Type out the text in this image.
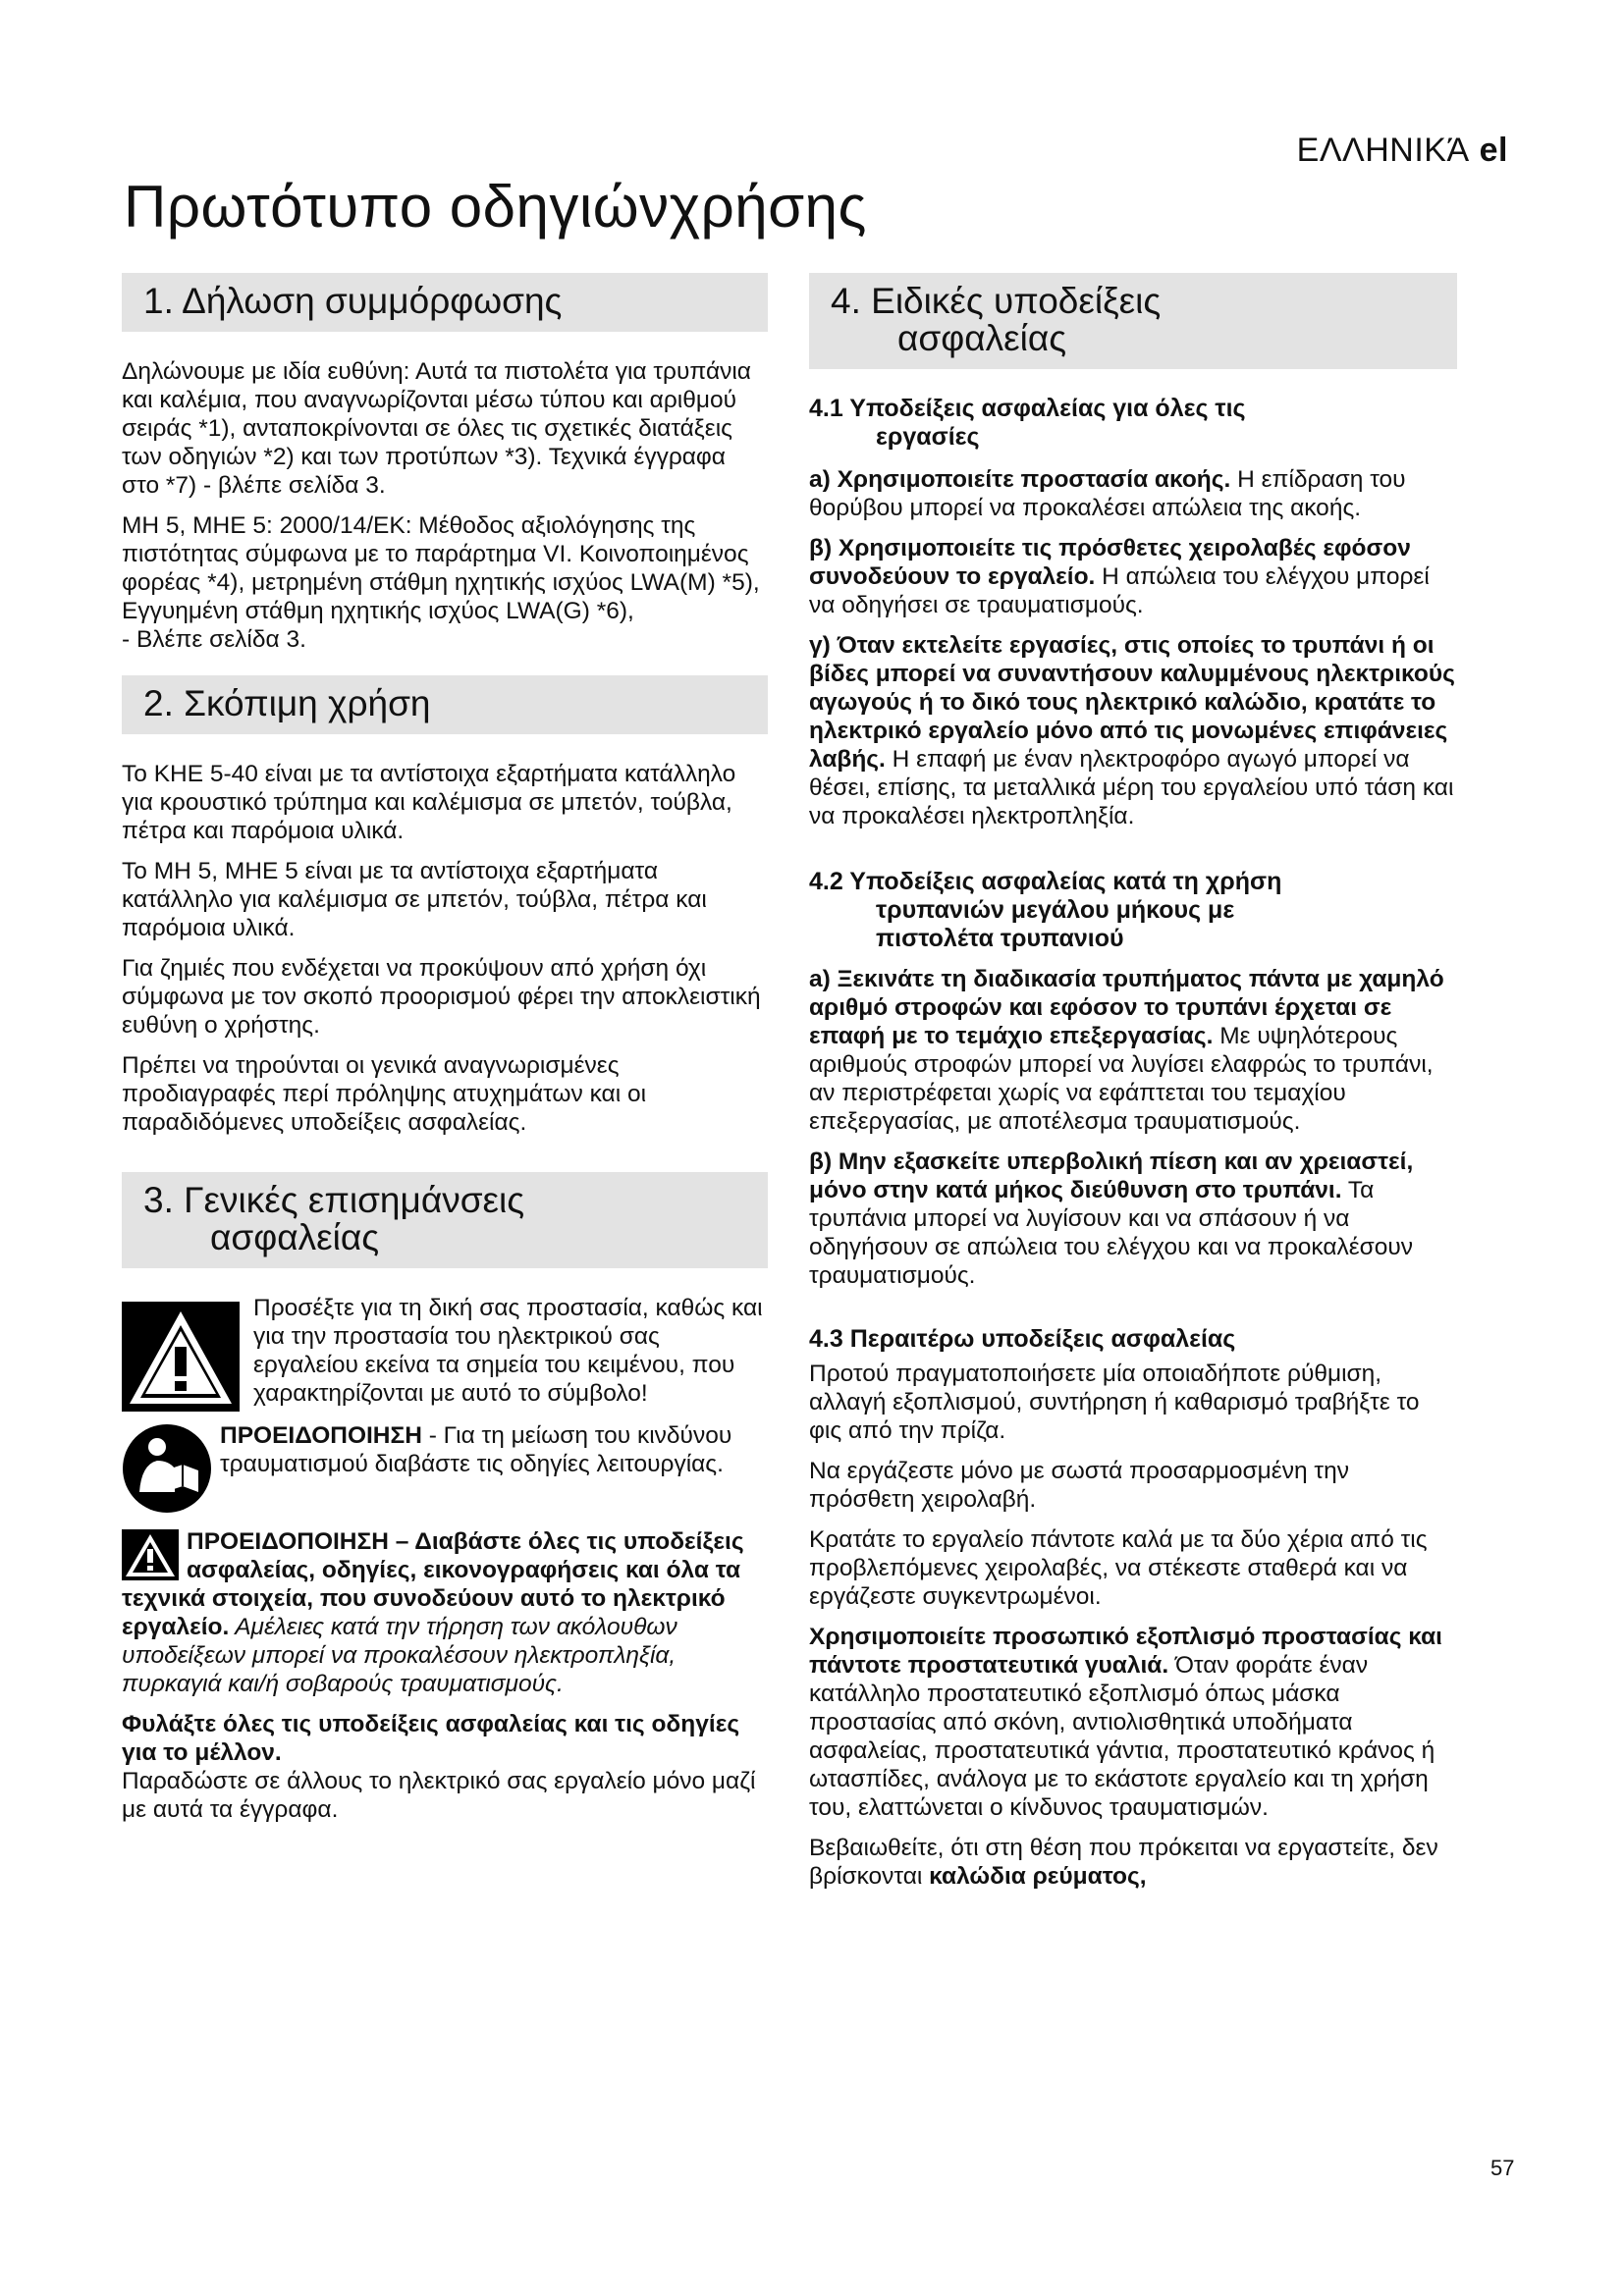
ΕΛΛΗΝΙΚΆ el
Πρωτότυπο οδηγιώνχρήσης
1. Δήλωση συμμόρφωσης

Δηλώνουμε με ιδία ευθύνη: Αυτά τα πιστολέτα για τρυπάνια και καλέμια, που αναγνωρίζονται μέσω τύπου και αριθμού σειράς *1), ανταποκρίνονται σε όλες τις σχετικές διατάξεις των οδηγιών *2) και των προτύπων *3). Τεχνικά έγγραφα στο *7) - βλέπε σελίδα 3.

ΜΗ 5, ΜΗΕ 5: 2000/14/ΕΚ: Μέθοδος αξιολόγησης της πιστότητας σύμφωνα με το παράρτημα VI. Κοινοποιημένος φορέας *4), μετρημένη στάθμη ηχητικής ισχύος LWA(M) *5), Εγγυημένη στάθμη ηχητικής ισχύος LWA(G) *6),

- Βλέπε σελίδα 3.

2. Σκόπιμη χρήση

Το KHE 5-40 είναι με τα αντίστοιχα εξαρτήματα κατάλληλο για κρουστικό τρύπημα και καλέμισμα σε μπετόν, τούβλα, πέτρα και παρόμοια υλικά.

Το ΜΗ 5, ΜΗΕ 5 είναι με τα αντίστοιχα εξαρτήματα κατάλληλο για καλέμισμα σε μπετόν, τούβλα, πέτρα και παρόμοια υλικά.

Για ζημιές που ενδέχεται να προκύψουν από χρήση όχι σύμφωνα με τον σκοπό προορισμού φέρει την αποκλειστική ευθύνη ο χρήστης.

Πρέπει να τηρούνται οι γενικά αναγνωρισμένες προδιαγραφές περί πρόληψης ατυχημάτων και οι παραδιδόμενες υποδείξεις ασφαλείας.

3. Γενικές επισημάνσεις
ασφαλείας

Προσέξτε για τη δική σας προστασία, καθώς και για την προστασία του ηλεκτρικού σας εργαλείου εκείνα τα σημεία του κειμένου, που χαρακτηρίζονται με αυτό το σύμβολο!

ΠΡΟΕΙΔΟΠΟΙΗΣΗ - Για τη μείωση του κινδύνου τραυματισμού διαβάστε τις οδηγίες λειτουργίας.

ΠΡΟΕΙΔΟΠΟΙΗΣΗ – Διαβάστε όλες τις υποδείξεις ασφαλείας, οδηγίες, εικονογραφήσεις και όλα τα τεχνικά στοιχεία, που συνοδεύουν αυτό το ηλεκτρικό εργαλείο. Αμέλειες κατά την τήρηση των ακόλουθων υποδείξεων μπορεί να προκαλέσουν ηλεκτροπληξία, πυρκαγιά και/ή σοβαρούς τραυματισμούς.

Φυλάξτε όλες τις υποδείξεις ασφαλείας και τις οδηγίες για το μέλλον.

Παραδώστε σε άλλους το ηλεκτρικό σας εργαλείο μόνο μαζί με αυτά τα έγγραφα.

4. Ειδικές υποδείξεις
ασφαλείας
4.1 Υποδείξεις ασφαλείας για όλες τις
εργασίες

a) Χρησιμοποιείτε προστασία ακοής. Η επίδραση του θορύβου μπορεί να προκαλέσει απώλεια της ακοής.

β) Χρησιμοποιείτε τις πρόσθετες χειρολαβές εφόσον συνοδεύουν το εργαλείο. Η απώλεια του ελέγχου μπορεί να οδηγήσει σε τραυματισμούς.

γ) Όταν εκτελείτε εργασίες, στις οποίες το τρυπάνι ή οι βίδες μπορεί να συναντήσουν καλυμμένους ηλεκτρικούς αγωγούς ή το δικό τους ηλεκτρικό καλώδιο, κρατάτε το ηλεκτρικό εργαλείο μόνο από τις μονωμένες επιφάνειες λαβής. Η επαφή με έναν ηλεκτροφόρο αγωγό μπορεί να θέσει, επίσης, τα μεταλλικά μέρη του εργαλείου υπό τάση και να προκαλέσει ηλεκτροπληξία.

4.2 Υποδείξεις ασφαλείας κατά τη χρήση
τρυπανιών μεγάλου μήκους με
πιστολέτα τρυπανιού

a) Ξεκινάτε τη διαδικασία τρυπήματος πάντα με χαμηλό αριθμό στροφών και εφόσον το τρυπάνι έρχεται σε επαφή με το τεμάχιο επεξεργασίας. Με υψηλότερους αριθμούς στροφών μπορεί να λυγίσει ελαφρώς το τρυπάνι, αν περιστρέφεται χωρίς να εφάπτεται του τεμαχίου επεξεργασίας, με αποτέλεσμα τραυματισμούς.

β) Μην εξασκείτε υπερβολική πίεση και αν χρειαστεί, μόνο στην κατά μήκος διεύθυνση στο τρυπάνι. Τα τρυπάνια μπορεί να λυγίσουν και να σπάσουν ή να οδηγήσουν σε απώλεια του ελέγχου και να προκαλέσουν τραυματισμούς.

4.3 Περαιτέρω υποδείξεις ασφαλείας

Προτού πραγματοποιήσετε μία οποιαδήποτε ρύθμιση, αλλαγή εξοπλισμού, συντήρηση ή καθαρισμό τραβήξτε το φις από την πρίζα.

Να εργάζεστε μόνο με σωστά προσαρμοσμένη την πρόσθετη χειρολαβή.

Κρατάτε το εργαλείο πάντοτε καλά με τα δύο χέρια από τις προβλεπόμενες χειρολαβές, να στέκεστε σταθερά και να εργάζεστε συγκεντρωμένοι.

Χρησιμοποιείτε προσωπικό εξοπλισμό προστασίας και πάντοτε προστατευτικά γυαλιά. Όταν φοράτε έναν κατάλληλο προστατευτικό εξοπλισμό όπως μάσκα προστασίας από σκόνη, αντιολισθητικά υποδήματα ασφαλείας, προστατευτικά γάντια, προστατευτικό κράνος ή ωτασπίδες, ανάλογα με το εκάστοτε εργαλείο και τη χρήση του, ελαττώνεται ο κίνδυνος τραυματισμών.

Βεβαιωθείτε, ότι στη θέση που πρόκειται να εργαστείτε, δεν βρίσκονται καλώδια ρεύματος,

57
